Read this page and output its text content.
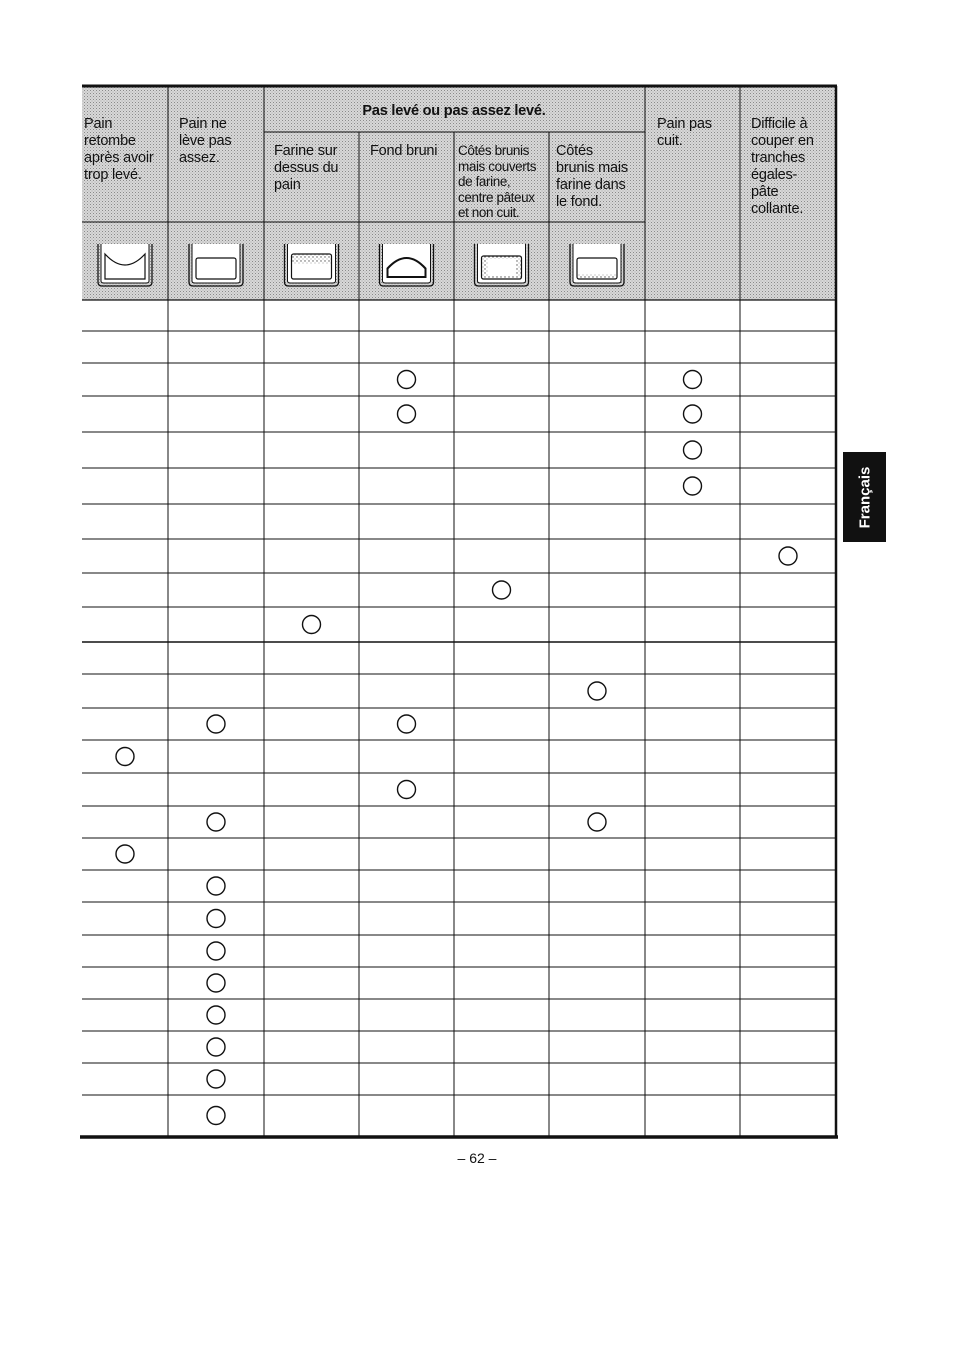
Pain
retombe
après avoir
trop levé.
Pain ne
lève pas
assez.	Farine sur
dessus du
pain
Fond bruni	Côtés brunis
mais couverts
de farine,
centre pâteux
et non cuit.
Côtés
brunis mais
farine dans
le fond.
Pain pas
cuit.
Difficile à
couper en
tranches
égales-
pâte
collante.
Pas levé ou pas assez levé.
Français
– 62 –
